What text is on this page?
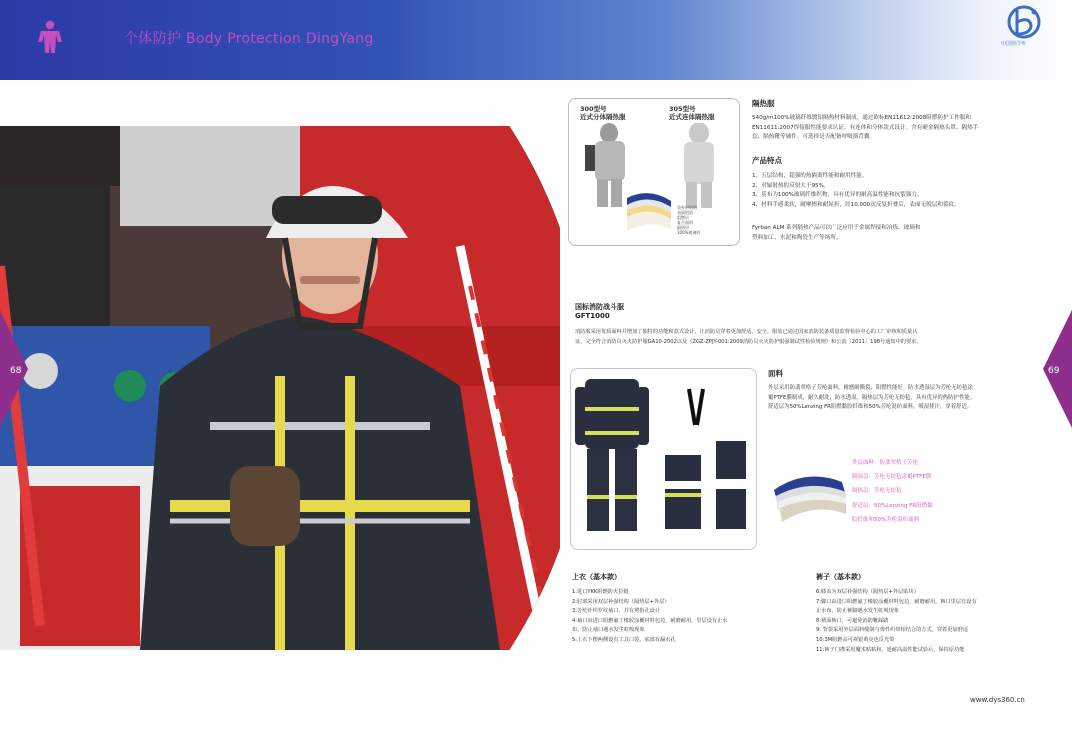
个体防护 Body Protection DingYang	中国鼎洋®
68	69
300型号
近式分体隔热服
305型号
近式连体隔热服
表外层铝箔
表面铝箔
阻燃层
复合面料
隔热层
100%玻璃纤
隔热服
540g/m100%玻璃纤维镀铝隔热材料制成。通过欧标EN11612:2008阻燃防护工作服和
EN11611:2007焊接服性能要求认证。有连体和分体款式设计。含有硬金隔热头罩、隔热手
套、隔热靴等辅件。可选择是否配备呼吸器背囊。
产品特点
1、五层结构，超强的热隔离性能和耐用性能。
2、对辐射热的反射大于95%。
3、基布为100%玻璃纤维织物，具有优异的耐高温性能和抗裂强力。
4、材料手感柔软，耐摩擦和耐屈折，经10,000次反复折叠后，表面无脱层和裂纹。
Fyrban ALM 系列隔热产品可以广泛应用于金属焊接和冶炼、玻璃和
塑料加工、水泥和陶瓷生产等场所。
国标消防战斗服
GFT1000
消防服采用优质面料并增加了独特的功能和款式设计，让消防员穿着更加舒适、安全。服装已通过国家消防装备质量监督检验中心的工厂审核和质量认
证，完全符合消防员灭火防护服GA10-2002以及《ZGZ-ZPJY-001:2009消防员灭火防护服强制试性检验规则》和公消〔2011〕198号通知中的要求。
面料
外层采用防翡翠格子芳纶面料，耐磨耐撕裂、阻燃性能好。防水透湿层为芳纶无纺毡涂
覆PTFE膜制成，耐久耐洗，防水透湿。隔热层为芳纶无纺毡，具有优异的热防护性能。
舒适层为50%Lenzing FR阻燃黏胶纤维和50%芳纶混纺面料，吸湿排汗，穿着舒适。
外层面料：防翡翠格子芳纶
隔湿层：芳纶无纺毡涂覆PTFE膜
隔热层：芳纶无纺毡
舒适层：50%Lenzing FR阻燃黏
胶纤维和50%芳纶混纺面料
上衣（基本款）
1:进口YKK阻燃防火拉链
2:肘部采用双层补强结构（隔热层+外层）
3:芳纶针织罗纹袖口，并有剪指孔设计
4:袖口由进口阻燃氟丁橡胶涂覆材料包边，耐磨耐用，里层设有止水
布，防止袖口遇水发生虹吸现象
5:上衣下摆两侧设有工具口袋，底部有漏水孔
裤子（基本款）
6:膝盖为双层补强结构（隔热层+外层贴块）
7:脚口由进口阻燃氟丁橡胶涂覆材料包边，耐磨耐用，裤口里层有设有
止水布，防止裤脚遇水发生虹吸现象
8:褶面裤口，可避免消防靴踩踏
9: 背袋采用外层面料缝制与弹性织带相结合的方式，穿着更加舒适
10:3M阻燃高可视银黄亮色反光带
11:裤子门襟采用魔术贴粘和，延耐高温性能试验后，保持原功能
www.dys360.cn
